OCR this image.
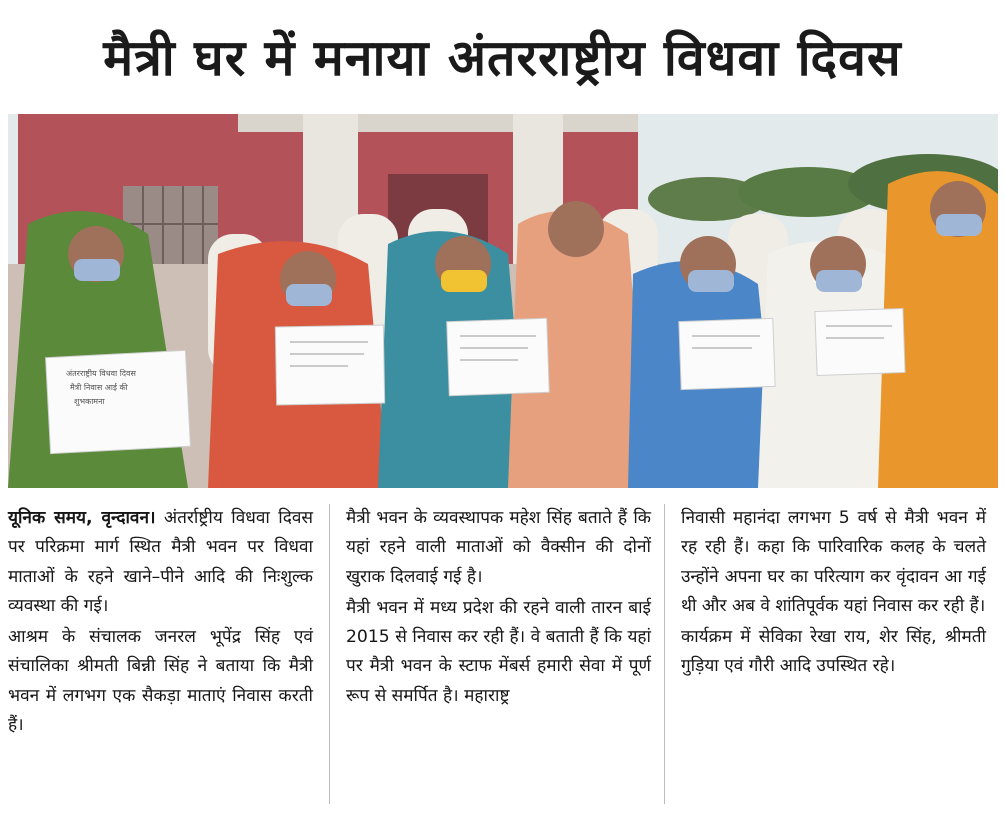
मैत्री घर में मनाया अंतरराष्ट्रीय विधवा दिवस
अंतरराष्ट्रीय विधवा दिवस
मैत्री निवास आई की
शुभकामना

यूनिक समय, वृन्दावन। अंतर्राष्ट्रीय विधवा दिवस पर परिक्रमा मार्ग स्थित मैत्री भवन पर विधवा माताओं के रहने खाने–पीने आदि की निःशुल्क व्यवस्था की गई।

आश्रम के संचालक जनरल भूपेंद्र सिंह एवं संचालिका श्रीमती बिन्नी सिंह ने बताया कि मैत्री भवन में लगभग एक सैकड़ा माताएं निवास करती हैं।

मैत्री भवन के व्यवस्थापक महेश सिंह बताते हैं कि यहां रहने वाली माताओं को वैक्सीन की दोनों खुराक दिलवाई गई है।

मैत्री भवन में मध्य प्रदेश की रहने वाली तारन बाई 2015 से निवास कर रही हैं। वे बताती हैं कि यहां पर मैत्री भवन के स्टाफ मेंबर्स हमारी सेवा में पूर्ण रूप से समर्पित है। महाराष्ट्र

निवासी महानंदा लगभग 5 वर्ष से मैत्री भवन में रह रही हैं। कहा कि पारिवारिक कलह के चलते उन्होंने अपना घर का परित्याग कर वृंदावन आ गई थी और अब वे शांतिपूर्वक यहां निवास कर रही हैं।

कार्यक्रम में सेविका रेखा राय, शेर सिंह, श्रीमती गुड़िया एवं गौरी आदि उपस्थित रहे।
